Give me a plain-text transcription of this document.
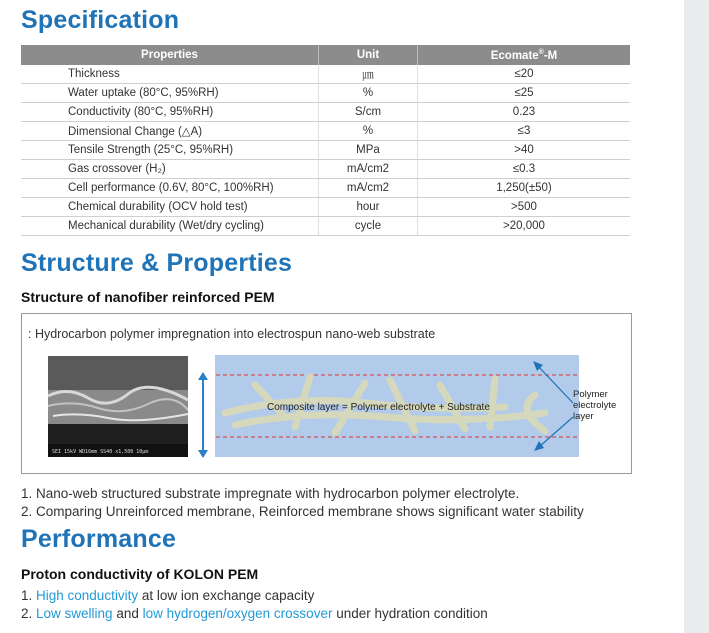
Specification
Properties	Unit	Ecomate®-M
Thickness	㎛	≤20
Water uptake (80°C, 95%RH)	%	≤25
Conductivity (80°C, 95%RH)	S/cm	0.23
Dimensional Change (△A)	%	≤3
Tensile Strength (25°C, 95%RH)	MPa	>40
Gas crossover (H₂)	mA/cm2	≤0.3
Cell performance (0.6V, 80°C, 100%RH)	mA/cm2	1,250(±50)
Chemical durability (OCV hold test)	hour	>500
Mechanical durability (Wet/dry cycling)	cycle	>20,000
Structure & Properties
Structure of nanofiber reinforced PEM
: Hydrocarbon polymer impregnation into electrospun nano-web substrate
SEI 15kV WD16mm SS40 x1,500 10μm
Composite layer = Polymer electrolyte + Substrate
Polymer
electrolyte
layer
1. Nano-web structured substrate impregnate with hydrocarbon polymer electrolyte.
2. Comparing Unreinforced membrane, Reinforced membrane shows significant water stability
Performance
Proton conductivity of KOLON PEM
1. High conductivity at low ion exchange capacity
2. Low swelling and low hydrogen/oxygen crossover under hydration condition
